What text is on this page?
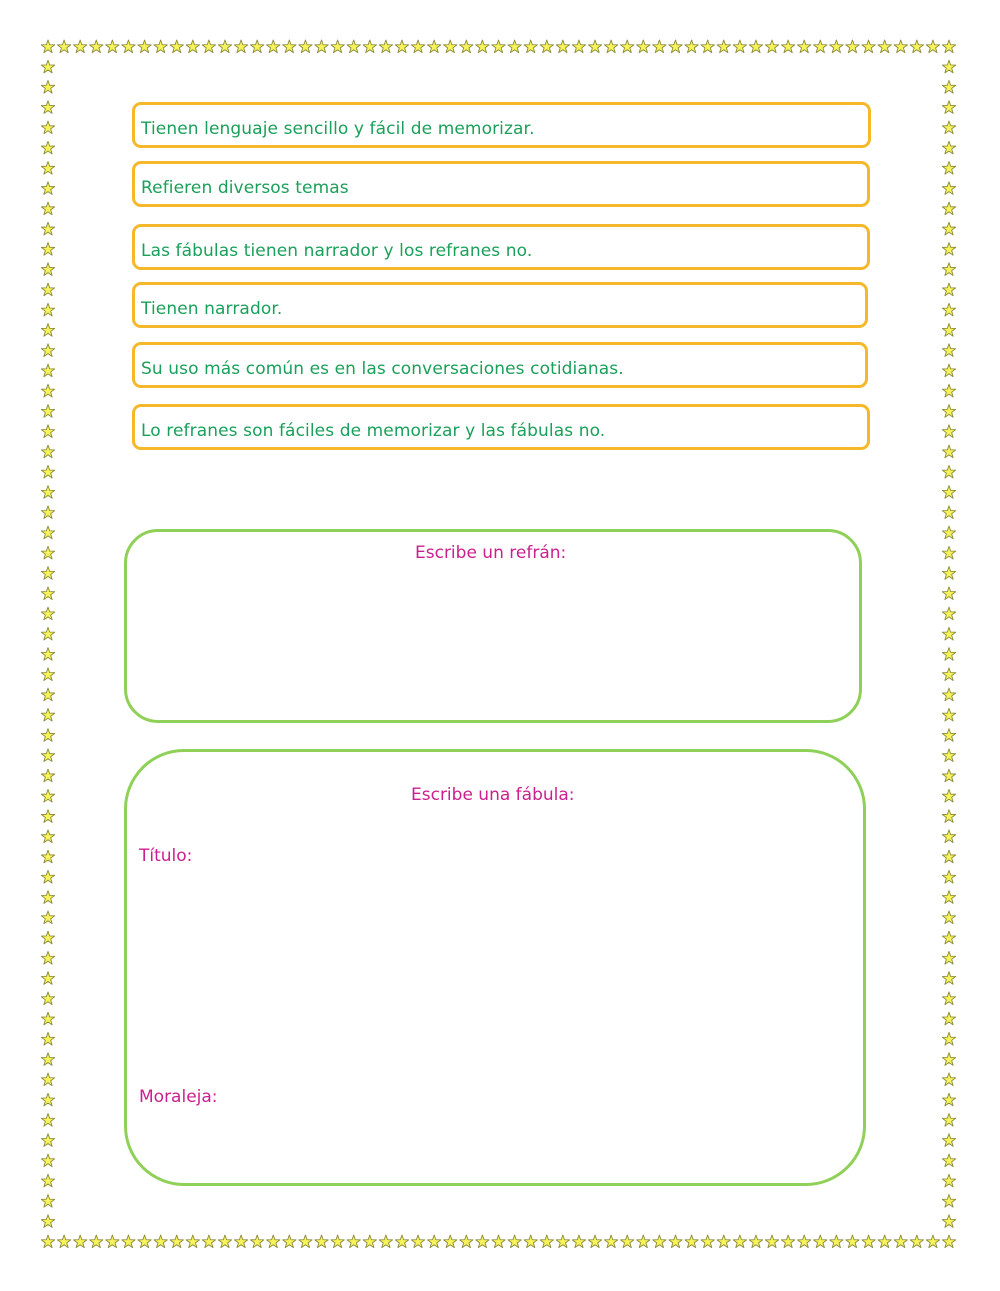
Tienen lenguaje sencillo y fácil de memorizar.
Refieren diversos temas
Las fábulas tienen narrador y los refranes no.
Tienen narrador.
Su uso más común es en las conversaciones cotidianas.
Lo refranes son fáciles de memorizar y las fábulas no.
Escribe un refrán:
Escribe una fábula:
Título:
Moraleja:
